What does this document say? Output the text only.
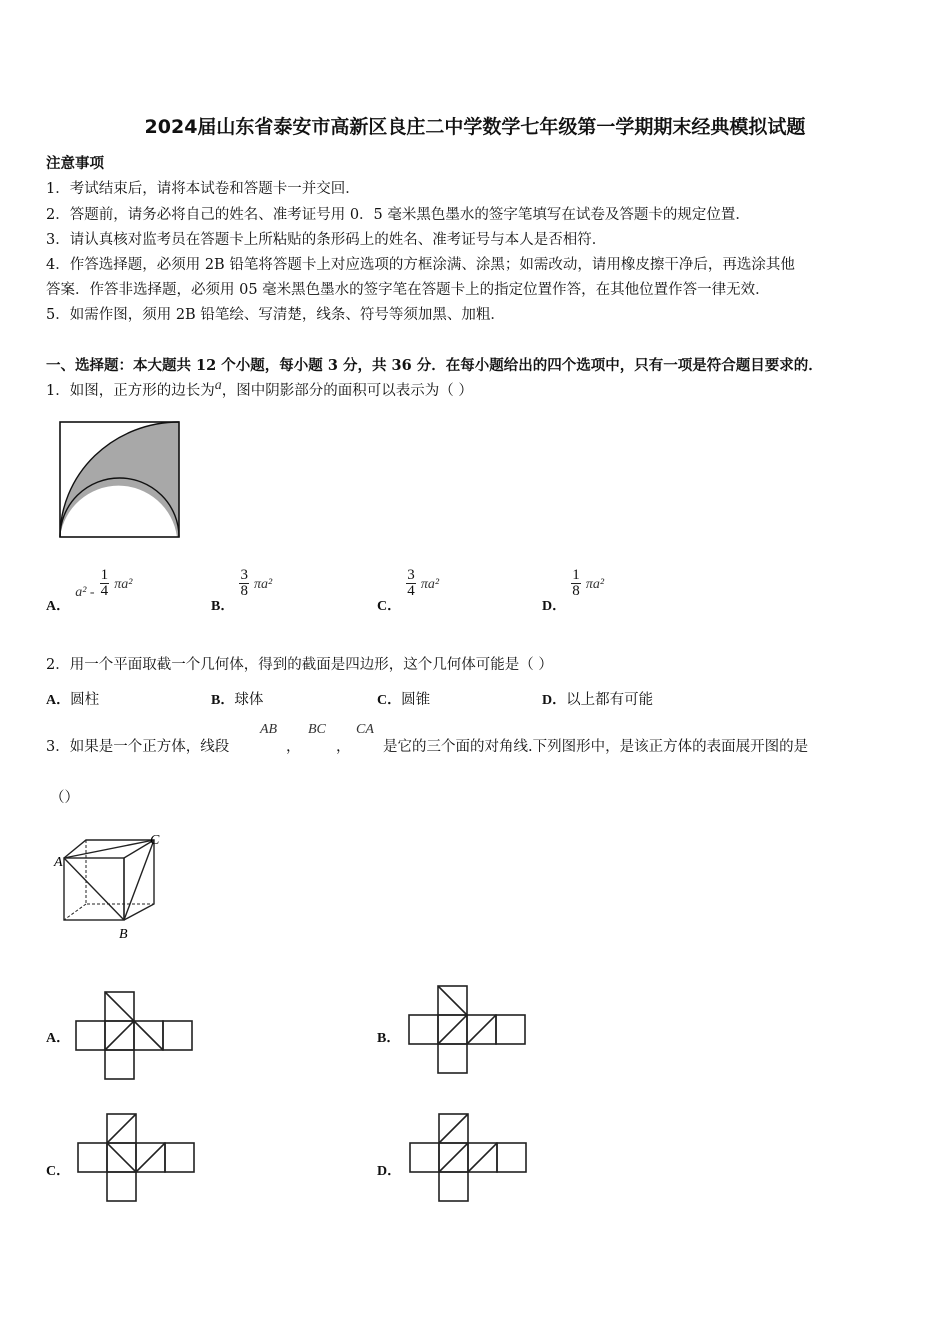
2024届山东省泰安市高新区良庄二中学数学七年级第一学期期末经典模拟试题
注意事项
1．考试结束后，请将本试卷和答题卡一并交回．
2．答题前，请务必将自己的姓名、准考证号用 0．5 毫米黑色墨水的签字笔填写在试卷及答题卡的规定位置．
3．请认真核对监考员在答题卡上所粘贴的条形码上的姓名、准考证号与本人是否相符．
4．作答选择题，必须用 2B 铅笔将答题卡上对应选项的方框涂满、涂黑；如需改动，请用橡皮擦干净后，再选涂其他
答案．作答非选择题，必须用 05 毫米黑色墨水的签字笔在答题卡上的指定位置作答，在其他位置作答一律无效．
5．如需作图，须用 2B 铅笔绘、写清楚，线条、符号等须加黑、加粗．
一、选择题：本大题共 12 个小题，每小题 3 分，共 36 分．在每小题给出的四个选项中，只有一项是符合题目要求的．
1．如图，正方形的边长为$^a$，图中阴影部分的面积可以表示为（ ）
A． $a^2 - \frac{1}{4} \pi a^2$
B．
$\frac{3}{8} \pi a^2$
C．
$\frac{3}{4} \pi a^2$
D．
$\frac{1}{8} \pi a^2$
2．用一个平面取截一个几何体，得到的截面是四边形，这个几何体可能是（ ）
A．圆柱	B．球体	C．圆锥	D．以上都有可能
3．如果是一个正方体，线段
AB
，
BC
，
CA
是它的三个面的对角线.下列图形中，是该正方体的表面展开图的是
（）
A
C
B
A．	B．
C．	D．
